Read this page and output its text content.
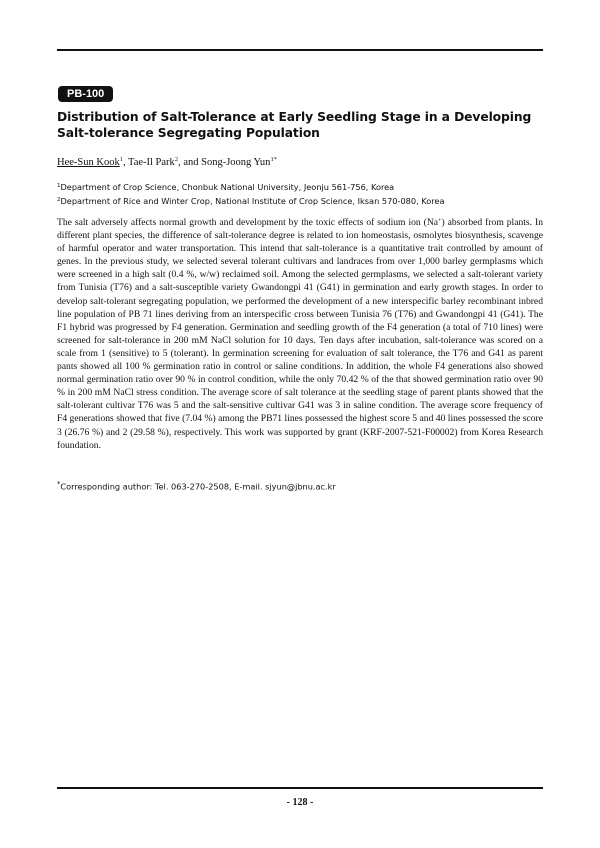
PB-100
Distribution of Salt-Tolerance at Early Seedling Stage in a Developing Salt-tolerance Segregating Population
Hee-Sun Kook$^1$, Tae-Il Park$^2$, and Song-Joong Yun$^{1*}$
$^1$Department of Crop Science, Chonbuk National University, Jeonju 561-756, Korea
$^2$Department of Rice and Winter Crop, National Institute of Crop Science, Iksan 570-080, Korea

The salt adversely affects normal growth and development by the toxic effects of sodium ion (Na+) absorbed from plants. In different plant species, the difference of salt-tolerance degree is related to ion homeostasis, osmolytes biosynthesis, scavenge of harmful operator and water transportation. This intend that salt-tolerance is a quantitative trait controlled by amount of genes. In the previous study, we selected several tolerant cultivars and landraces from over 1,000 barley germplasms which were screened in a high salt (0.4 %, w/w) reclaimed soil. Among the selected germplasms, we selected a salt-tolerant variety from Tunisia (T76) and a salt-susceptible variety Gwandongpi 41 (G41) in germination and early growth stages. In order to develop salt-tolerant segregating population, we performed the development of a new interspecific barley recombinant inbred line population of PB 71 lines deriving from an interspecific cross between Tunisia 76 (T76) and Gwandongpi 41 (G41). The F1 hybrid was progressed by F4 generation. Germination and seedling growth of the F4 generation (a total of 710 lines) were screened for salt-tolerance in 200 mM NaCl solution for 10 days. Ten days after incubation, salt-tolerance was scored on a scale from 1 (sensitive) to 5 (tolerant). In germination screening for evaluation of salt tolerance, the T76 and G41 as parent pants showed all 100 % germination ratio in control or saline conditions. In addition, the whole F4 generations also showed normal germination ratio over 90 % in control condition, while the only 70.42 % of the that showed germination ratio over 90 % in 200 mM NaCl stress condition. The average score of salt tolerance at the seedling stage of parent plants showed that the salt-tolerant cultivar T76 was 5 and the salt-sensitive cultivar G41 was 3 in saline condition. The average score frequency of F4 generations showed that five (7.04 %) among the PB71 lines possessed the highest score 5 and 40 lines possessed the score 3 (26.76 %) and 2 (29.58 %), respectively. This work was supported by grant (KRF-2007-521-F00002) from Korea Research foundation.

*Corresponding author: Tel. 063-270-2508, E-mail. sjyun@jbnu.ac.kr
- 128 -
